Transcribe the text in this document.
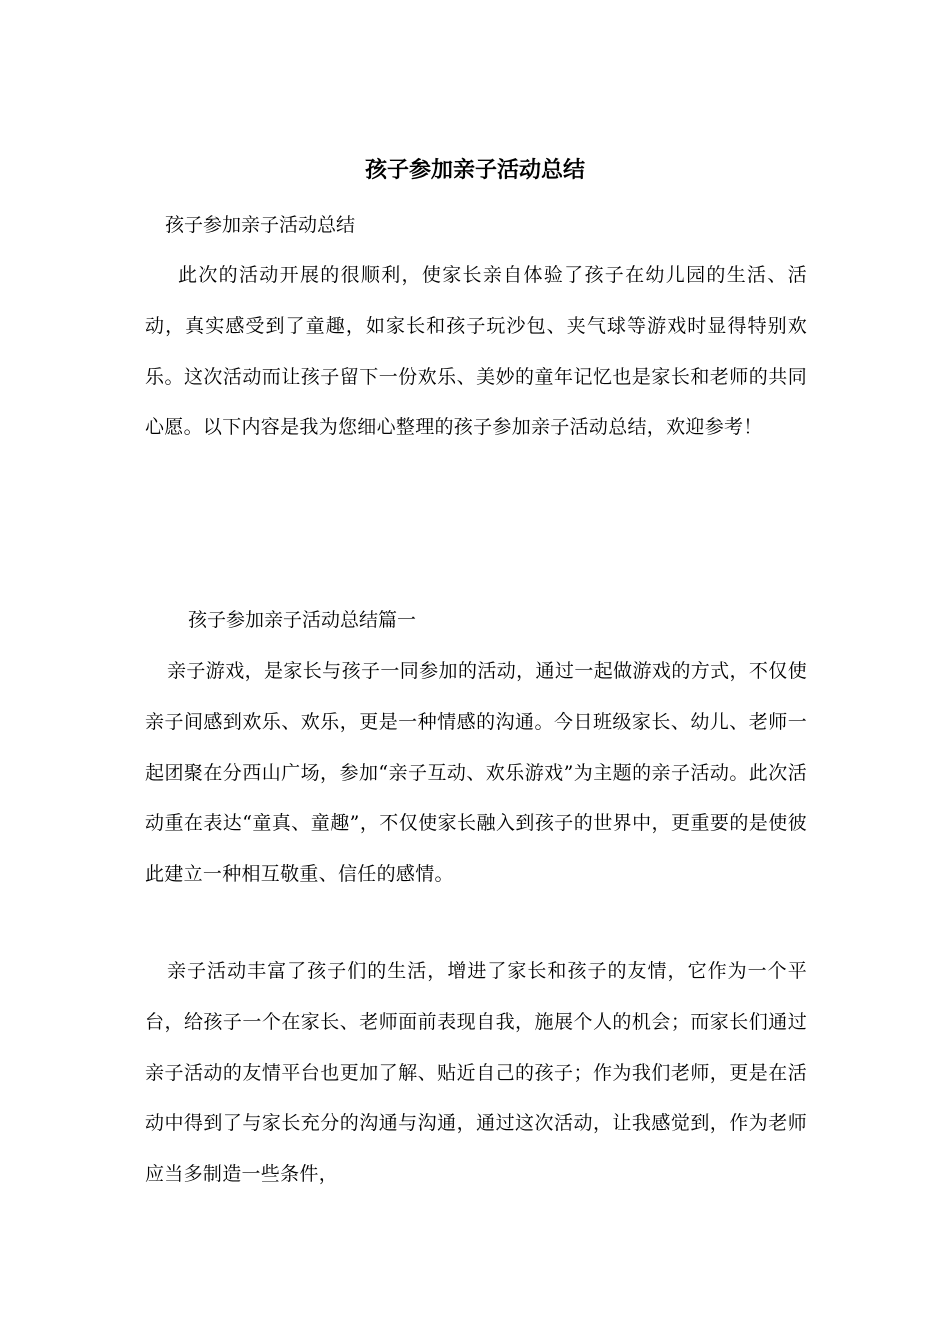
孩子参加亲子活动总结

孩子参加亲子活动总结

此次的活动开展的很顺利，使家长亲自体验了孩子在幼儿园的生活、活动，真实感受到了童趣，如家长和孩子玩沙包、夹气球等游戏时显得特别欢乐。这次活动而让孩子留下一份欢乐、美妙的童年记忆也是家长和老师的共同心愿。以下内容是我为您细心整理的孩子参加亲子活动总结，欢迎参考！

孩子参加亲子活动总结篇一

亲子游戏，是家长与孩子一同参加的活动，通过一起做游戏的方式，不仅使亲子间感到欢乐、欢乐，更是一种情感的沟通。今日班级家长、幼儿、老师一起团聚在分西山广场，参加“亲子互动、欢乐游戏”为主题的亲子活动。此次活动重在表达“童真、童趣”，不仅使家长融入到孩子的世界中，更重要的是使彼此建立一种相互敬重、信任的感情。

亲子活动丰富了孩子们的生活，增进了家长和孩子的友情，它作为一个平台，给孩子一个在家长、老师面前表现自我，施展个人的机会；而家长们通过亲子活动的友情平台也更加了解、贴近自己的孩子；作为我们老师，更是在活动中得到了与家长充分的沟通与沟通，通过这次活动，让我感觉到，作为老师应当多制造一些条件，
